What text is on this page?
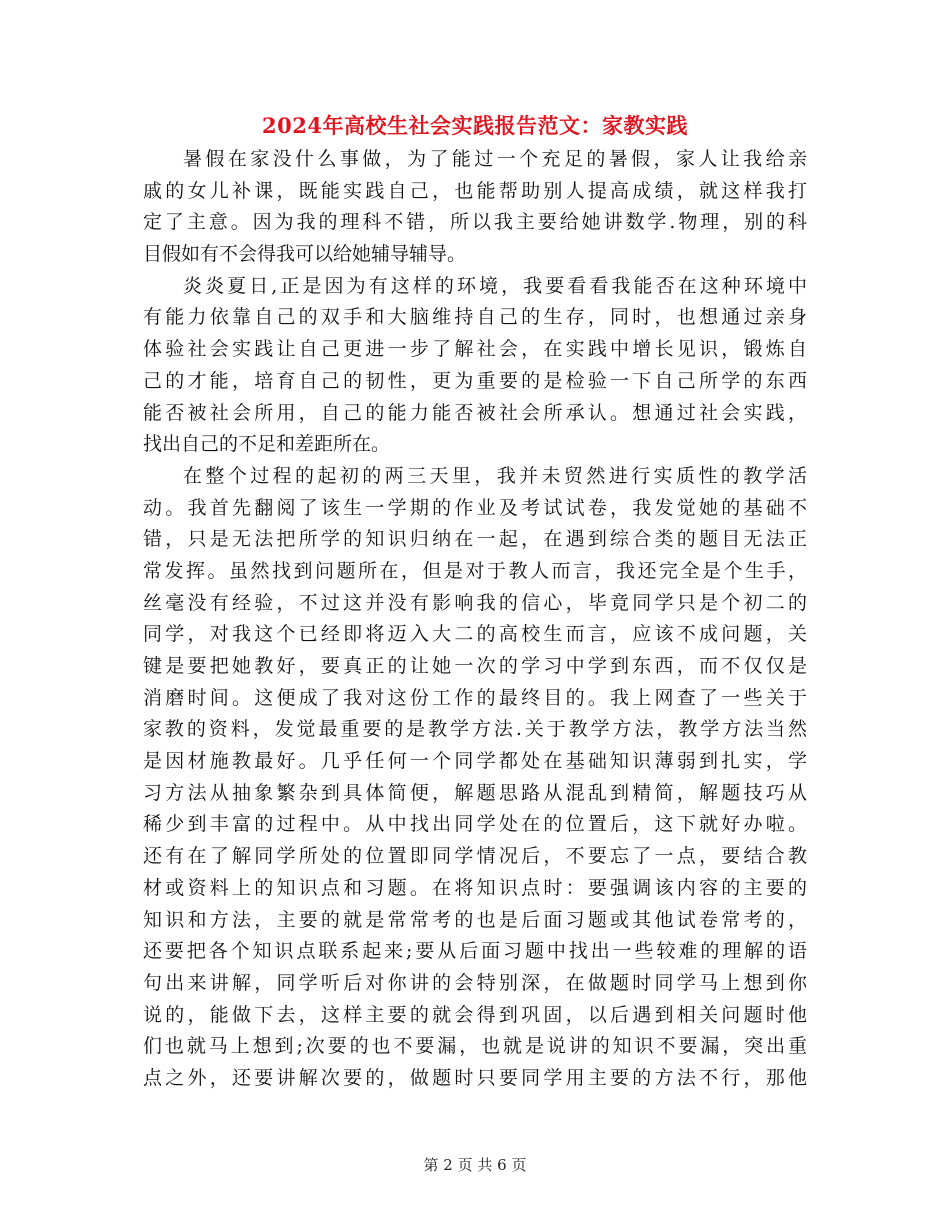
2024年高校生社会实践报告范文：家教实践
暑假在家没什么事做，为了能过一个充足的暑假，家人让我给亲
戚的女儿补课，既能实践自己，也能帮助别人提高成绩，就这样我打
定了主意。因为我的理科不错，所以我主要给她讲数学.物理，别的科
目假如有不会得我可以给她辅导辅导。
炎炎夏日,正是因为有这样的环境，我要看看我能否在这种环境中
有能力依靠自己的双手和大脑维持自己的生存，同时，也想通过亲身
体验社会实践让自己更进一步了解社会，在实践中增长见识，锻炼自
己的才能，培育自己的韧性，更为重要的是检验一下自己所学的东西
能否被社会所用，自己的能力能否被社会所承认。想通过社会实践，
找出自己的不足和差距所在。
在整个过程的起初的两三天里，我并未贸然进行实质性的教学活
动。我首先翻阅了该生一学期的作业及考试试卷，我发觉她的基础不
错，只是无法把所学的知识归纳在一起，在遇到综合类的题目无法正
常发挥。虽然找到问题所在，但是对于教人而言，我还完全是个生手，
丝毫没有经验，不过这并没有影响我的信心，毕竟同学只是个初二的
同学，对我这个已经即将迈入大二的高校生而言，应该不成问题，关
键是要把她教好，要真正的让她一次的学习中学到东西，而不仅仅是
消磨时间。这便成了我对这份工作的最终目的。我上网查了一些关于
家教的资料，发觉最重要的是教学方法.关于教学方法，教学方法当然
是因材施教最好。几乎任何一个同学都处在基础知识薄弱到扎实，学
习方法从抽象繁杂到具体简便，解题思路从混乱到精简，解题技巧从
稀少到丰富的过程中。从中找出同学处在的位置后，这下就好办啦。
还有在了解同学所处的位置即同学情况后，不要忘了一点，要结合教
材或资料上的知识点和习题。在将知识点时：要强调该内容的主要的
知识和方法，主要的就是常常考的也是后面习题或其他试卷常考的，
还要把各个知识点联系起来;要从后面习题中找出一些较难的理解的语
句出来讲解，同学听后对你讲的会特别深，在做题时同学马上想到你
说的，能做下去，这样主要的就会得到巩固，以后遇到相关问题时他
们也就马上想到;次要的也不要漏，也就是说讲的知识不要漏，突出重
点之外，还要讲解次要的，做题时只要同学用主要的方法不行，那他
第 2 页 共 6 页
